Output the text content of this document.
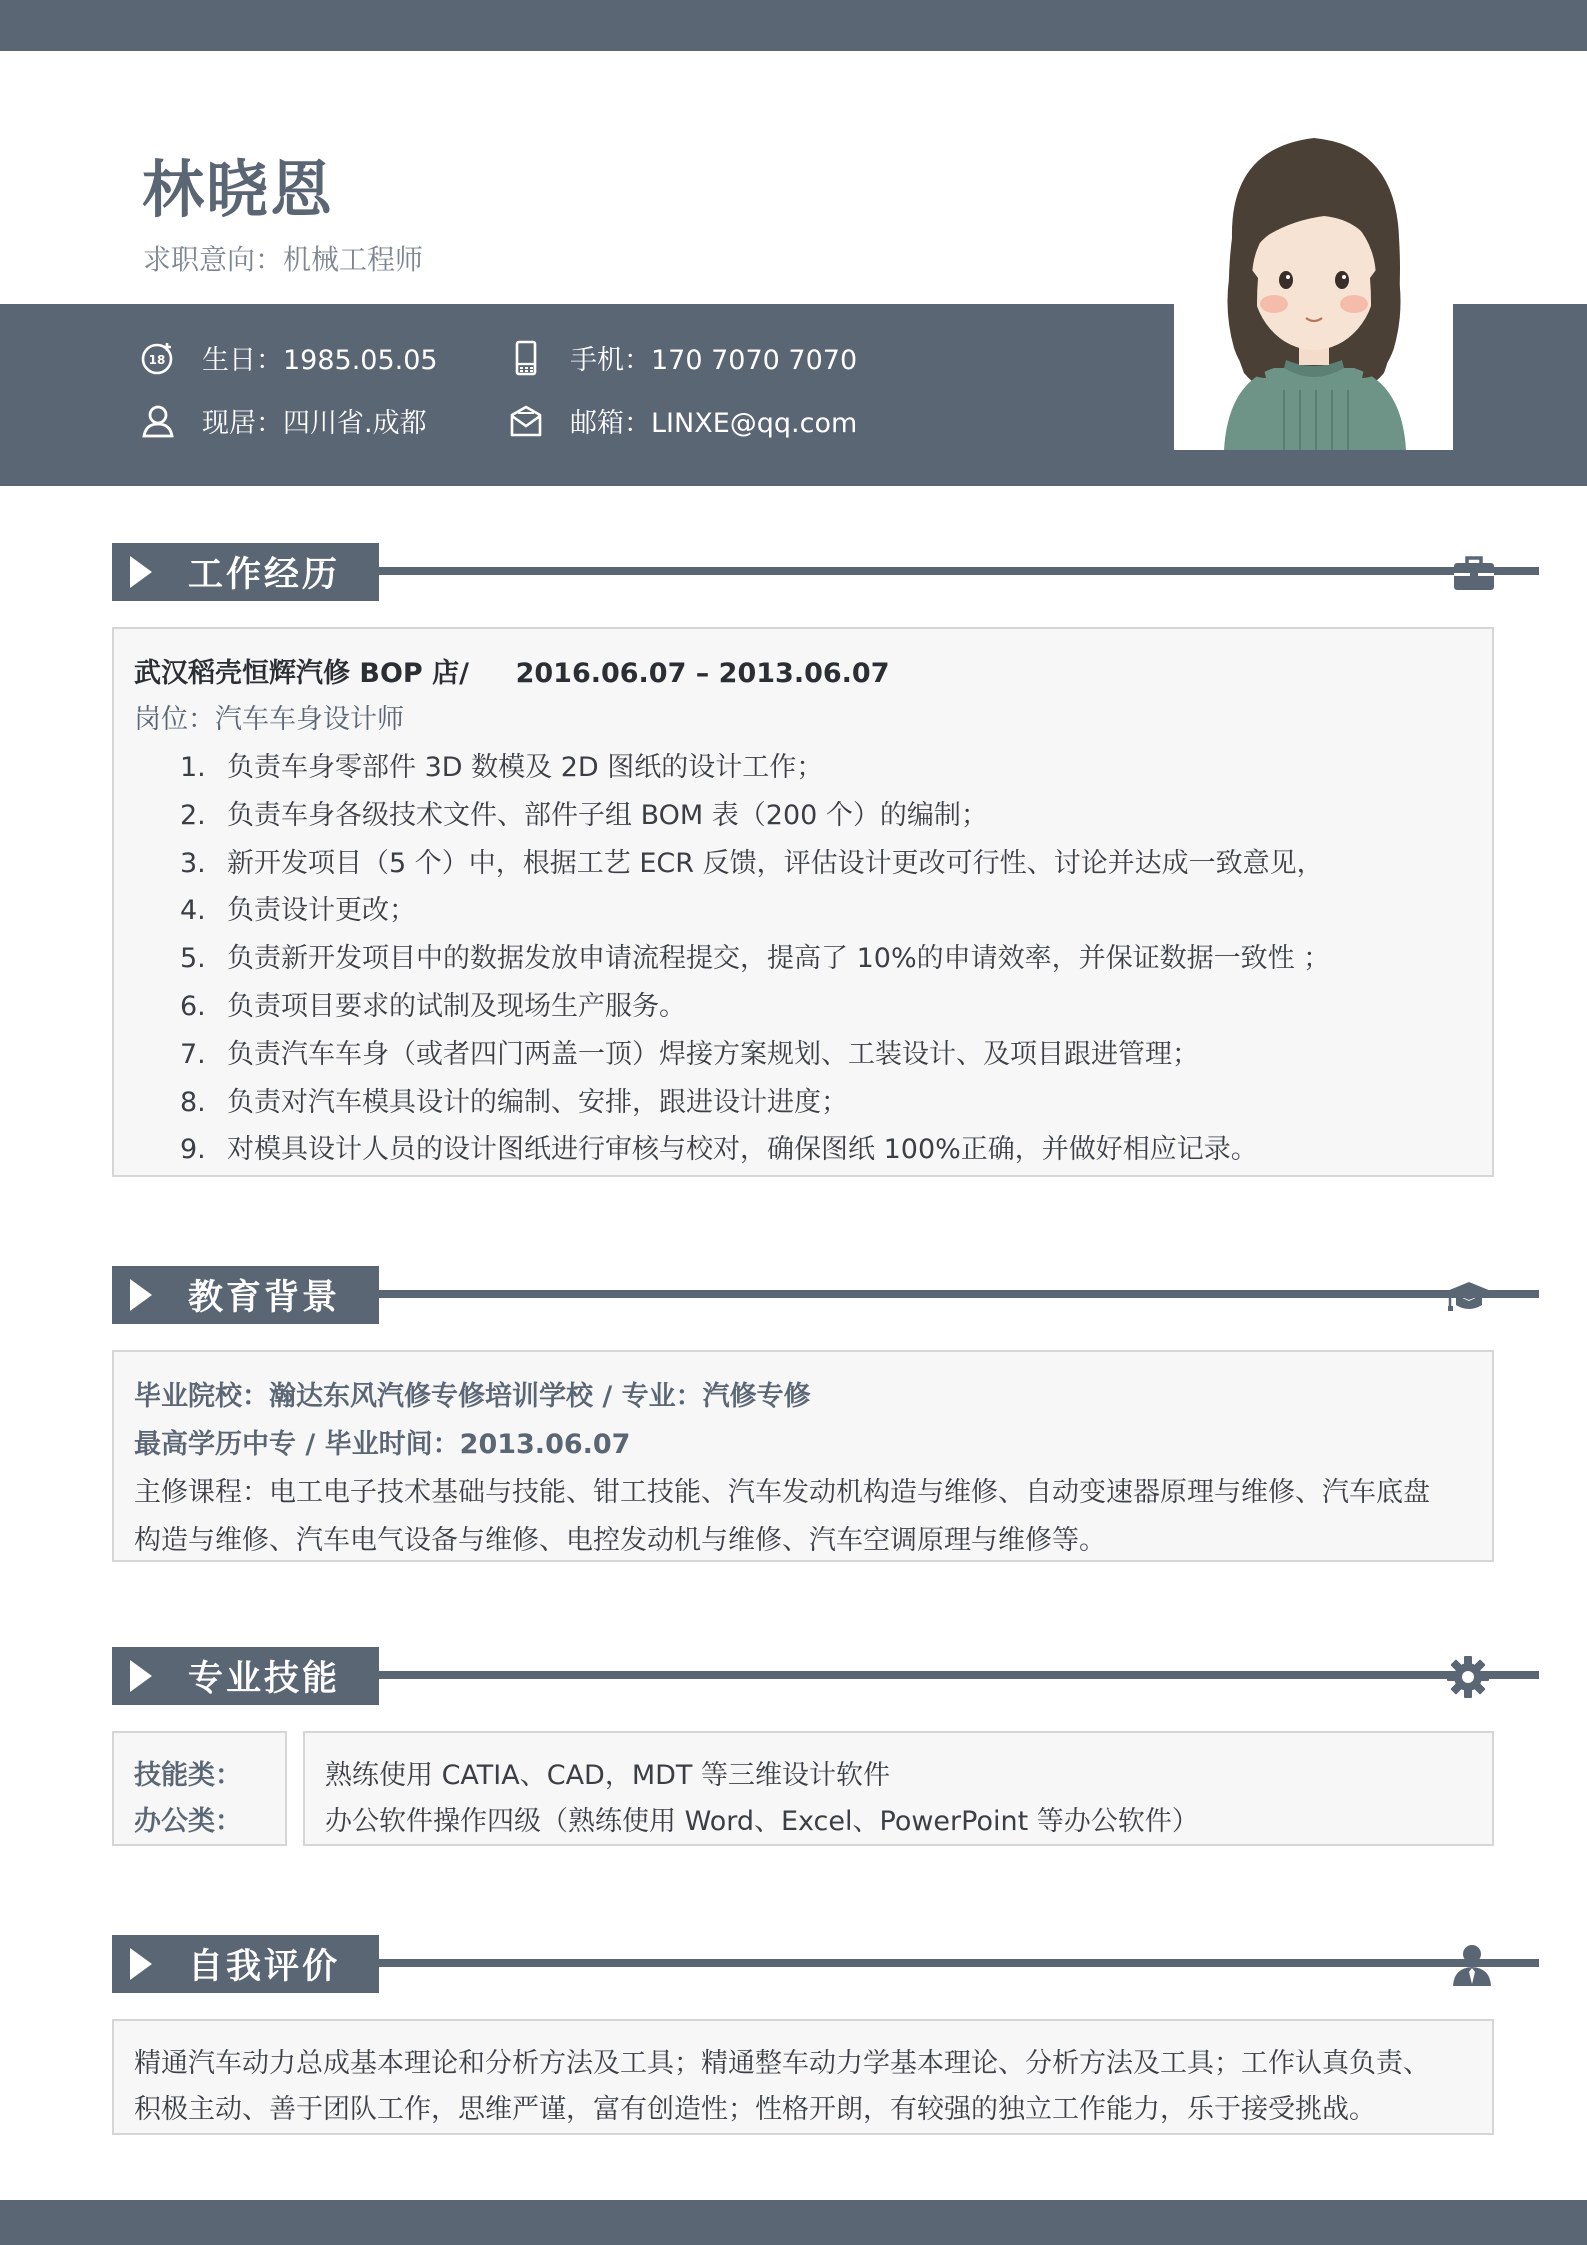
林晓恩
求职意向：机械工程师
18 生日：1985.05.05	手机：170 7070 7070
现居：四川省.成都	邮箱：LINXE@qq.com
工作经历
武汉稻壳恒辉汽修 BOP 店/ 2016.06.07 – 2013.06.07
岗位：汽车车身设计师
1. 负责车身零部件 3D 数模及 2D 图纸的设计工作；
2. 负责车身各级技术文件、部件子组 BOM 表（200 个）的编制；
3. 新开发项目（5 个）中，根据工艺 ECR 反馈，评估设计更改可行性、讨论并达成一致意见，
4. 负责设计更改；
5. 负责新开发项目中的数据发放申请流程提交，提高了 10%的申请效率，并保证数据一致性 ；
6. 负责项目要求的试制及现场生产服务。
7. 负责汽车车身（或者四门两盖一顶）焊接方案规划、工装设计、及项目跟进管理；
8. 负责对汽车模具设计的编制、安排，跟进设计进度；
9. 对模具设计人员的设计图纸进行审核与校对，确保图纸 100%正确，并做好相应记录。
教育背景
毕业院校：瀚达东风汽修专修培训学校 / 专业：汽修专修
最高学历中专 / 毕业时间：2013.06.07
主修课程：电工电子技术基础与技能、钳工技能、汽车发动机构造与维修、自动变速器原理与维修、汽车底盘
构造与维修、汽车电气设备与维修、电控发动机与维修、汽车空调原理与维修等。
专业技能
技能类：
办公类：
熟练使用 CATIA、CAD，MDT 等三维设计软件
办公软件操作四级（熟练使用 Word、Excel、PowerPoint 等办公软件）
自我评价
精通汽车动力总成基本理论和分析方法及工具；精通整车动力学基本理论、分析方法及工具；工作认真负责、
积极主动、善于团队工作，思维严谨，富有创造性；性格开朗，有较强的独立工作能力，乐于接受挑战。
